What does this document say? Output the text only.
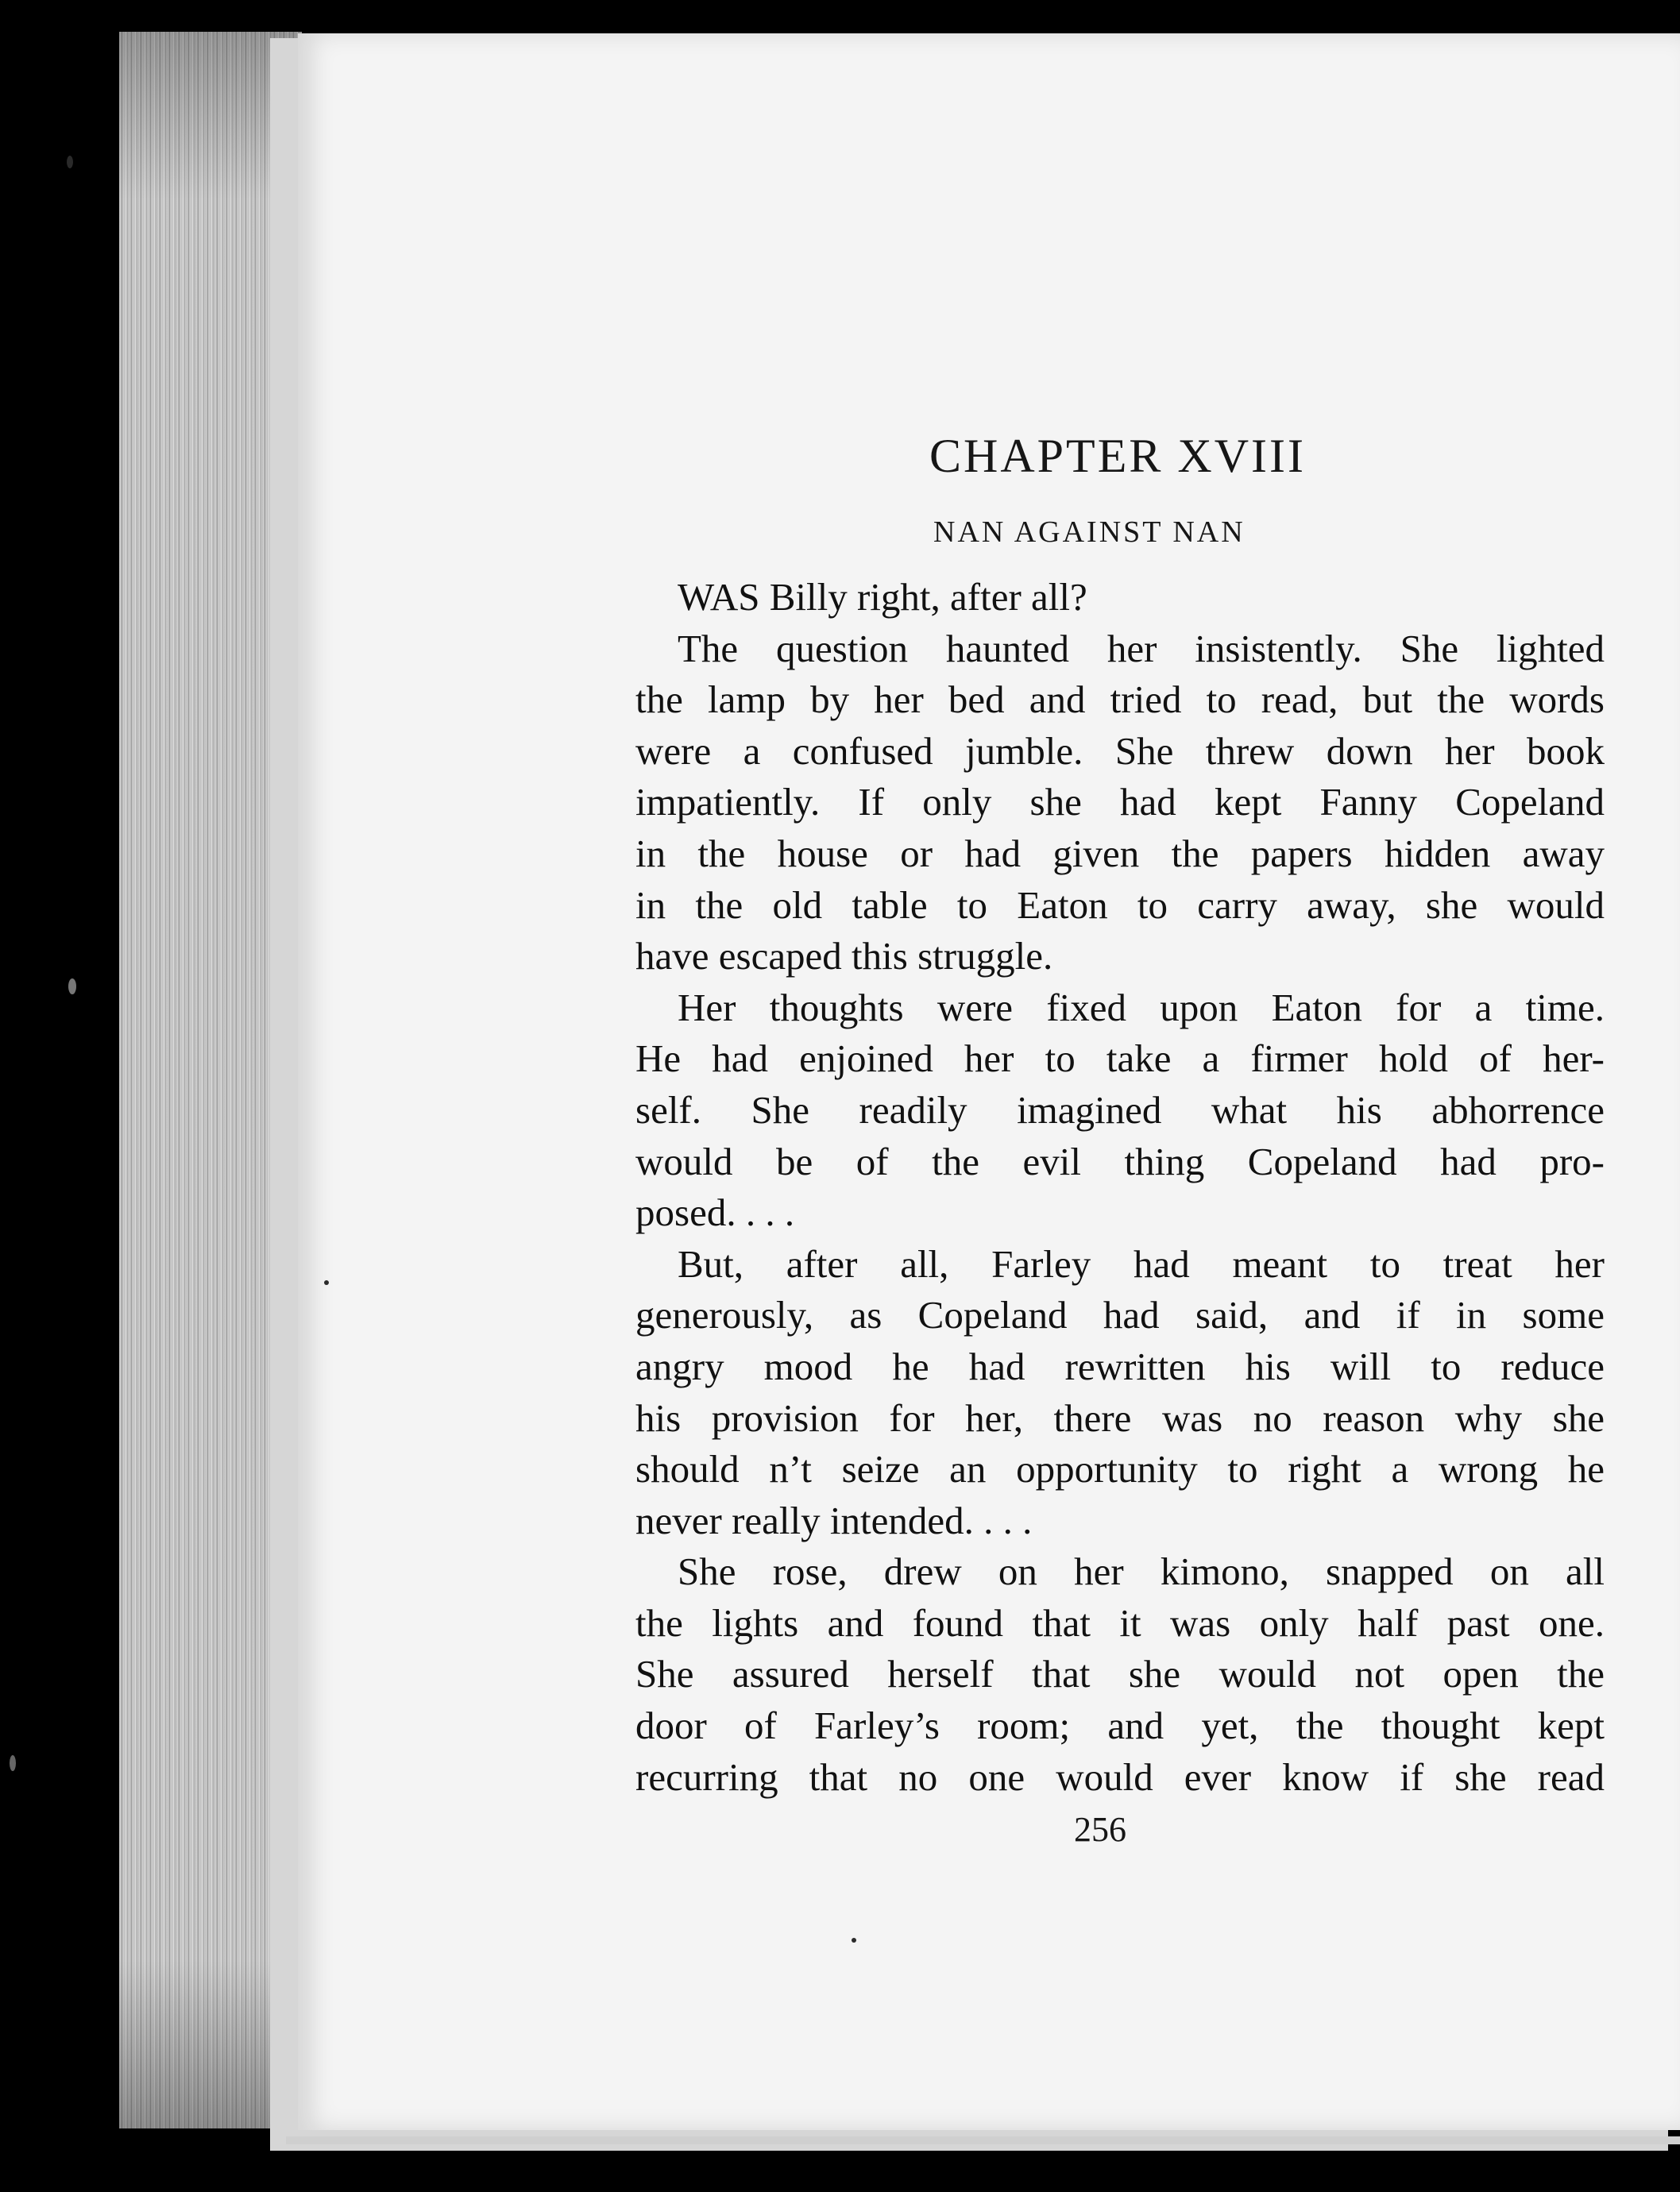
CHAPTER XVIII
NAN AGAINST NAN
WAS Billy right, after all?
The question haunted her insistently. She lighted
the lamp by her bed and tried to read, but the words
were a confused jumble. She threw down her book
impatiently. If only she had kept Fanny Copeland
in the house or had given the papers hidden away
in the old table to Eaton to carry away, she would
have escaped this struggle.
Her thoughts were fixed upon Eaton for a time.
He had enjoined her to take a firmer hold of her-
self. She readily imagined what his abhorrence
would be of the evil thing Copeland had pro-
posed. . . .
But, after all, Farley had meant to treat her
generously, as Copeland had said, and if in some
angry mood he had rewritten his will to reduce
his provision for her, there was no reason why she
should n’t seize an opportunity to right a wrong he
never really intended. . . .
She rose, drew on her kimono, snapped on all
the lights and found that it was only half past one.
She assured herself that she would not open the
door of Farley’s room; and yet, the thought kept
recurring that no one would ever know if she read
256
